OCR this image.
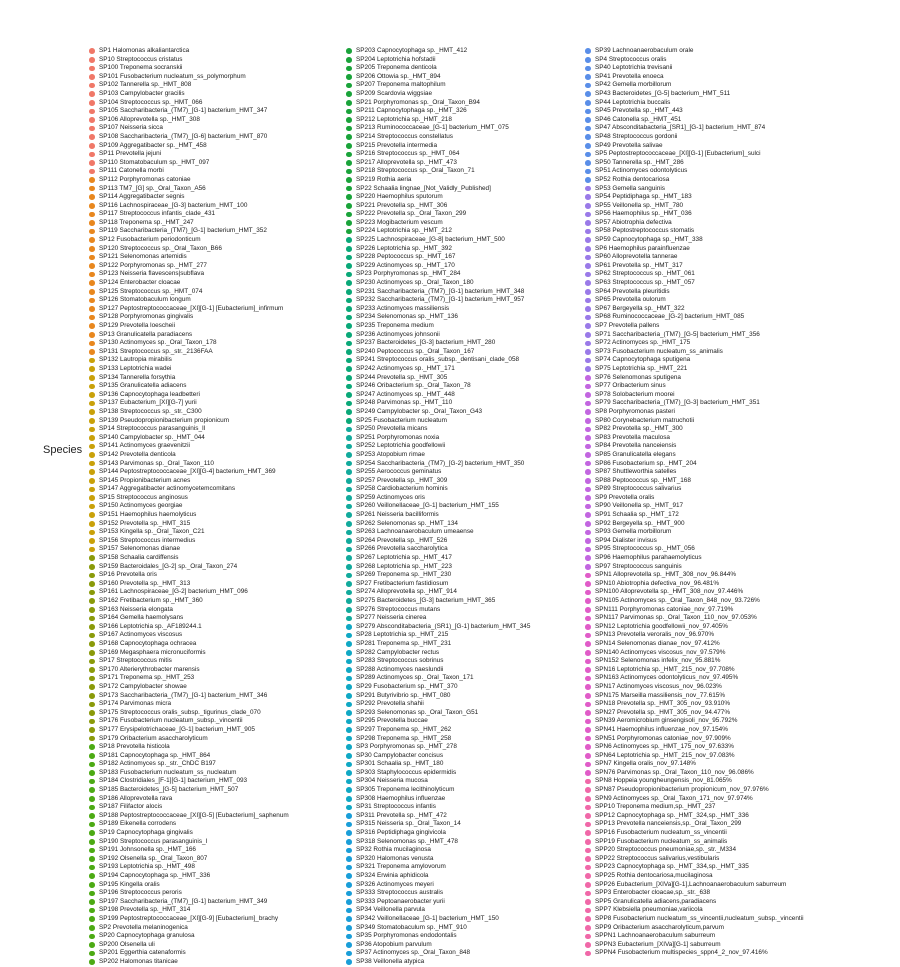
Species
SP1 Halomonas alkaliantarctica
SP10 Streptococcus cristatus
SP100 Treponema socranskii
SP101 Fusobacterium nucleatum_ss_polymorphum
SP102 Tannerella sp._HMT_808
SP103 Campylobacter gracilis
SP104 Streptococcus sp._HMT_066
SP105 Saccharibacteria_(TM7)_[G-1] bacterium_HMT_347
SP106 Alloprevotella sp._HMT_308
SP107 Neisseria sicca
SP108 Saccharibacteria_(TM7)_[G-6] bacterium_HMT_870
SP109 Aggregatibacter sp._HMT_458
SP11 Prevotella jejuni
SP110 Stomatobaculum sp._HMT_097
SP111 Catonella morbi
SP112 Porphyromonas catoniae
SP113 TM7_[G] sp._Oral_Taxon_A56
SP114 Aggregatibacter segnis
SP116 Lachnospiraceae_[G-3] bacterium_HMT_100
SP117 Streptococcus infantis_clade_431
SP118 Treponema sp._HMT_247
SP119 Saccharibacteria_(TM7)_[G-1] bacterium_HMT_352
SP12 Fusobacterium periodonticum
SP120 Streptococcus sp._Oral_Taxon_B66
SP121 Selenomonas artemidis
SP122 Porphyromonas sp._HMT_277
SP123 Neisseria flavescens|subflava
SP124 Enterobacter cloacae
SP125 Streptococcus sp._HMT_074
SP126 Stomatobaculum longum
SP127 Peptostreptococcaceae_[XI][G-1] [Eubacterium]_infirmum
SP128 Porphyromonas gingivalis
SP129 Prevotella loescheii
SP13 Granulicatella paradiacens
SP130 Actinomyces sp._Oral_Taxon_178
SP131 Streptococcus sp._str._2136FAA
SP132 Lautropia mirabilis
SP133 Leptotrichia wadei
SP134 Tannerella forsythia
SP135 Granulicatella adiacens
SP136 Capnocytophaga leadbetteri
SP137 Eubacterium_[XI][G-7] yurii
SP138 Streptococcus sp._str._C300
SP139 Pseudopropionibacterium propionicum
SP14 Streptococcus parasanguinis_II
SP140 Campylobacter sp._HMT_044
SP141 Actinomyces graevenitzii
SP142 Prevotella denticola
SP143 Parvimonas sp._Oral_Taxon_110
SP144 Peptostreptococcaceae_[XI][G-4] bacterium_HMT_369
SP145 Propionibacterium acnes
SP147 Aggregatibacter actinomycetemcomitans
SP15 Streptococcus anginosus
SP150 Actinomyces georgiae
SP151 Haemophilus haemolyticus
SP152 Prevotella sp._HMT_315
SP153 Kingella sp._Oral_Taxon_C21
SP156 Streptococcus intermedius
SP157 Selenomonas dianae
SP158 Schaalia cardiffensis
SP159 Bacteroidales_[G-2] sp._Oral_Taxon_274
SP16 Prevotella oris
SP160 Prevotella sp._HMT_313
SP161 Lachnospiraceae_[G-2] bacterium_HMT_096
SP162 Fretibacterium sp._HMT_360
SP163 Neisseria elongata
SP164 Gemella haemolysans
SP166 Leptotrichia sp._AF189244.1
SP167 Actinomyces viscosus
SP168 Capnocytophaga ochracea
SP169 Megasphaera micronuciformis
SP17 Streptococcus mitis
SP170 Alterierythrobacter marensis
SP171 Treponema sp._HMT_253
SP172 Campylobacter showae
SP173 Saccharibacteria_(TM7)_[G-1] bacterium_HMT_346
SP174 Parvimonas micra
SP175 Streptococcus oralis_subsp._tigurinus_clade_070
SP176 Fusobacterium nucleatum_subsp._vincentii
SP177 Erysipelotrichaceae_[G-1] bacterium_HMT_905
SP179 Oribacterium asaccharolyticum
SP18 Prevotella histicola
SP181 Capnocytophaga sp._HMT_864
SP182 Actinomyces sp._str._ChDC B197
SP183 Fusobacterium nucleatum_ss_nucleatum
SP184 Clostridiales_[F-1][G-1] bacterium_HMT_093
SP185 Bacteroidetes_[G-5] bacterium_HMT_507
SP186 Alloprevotella rava
SP187 Filifactor alocis
SP188 Peptostreptococcaceae_[XI][G-5] [Eubacterium]_saphenum
SP189 Eikenella corrodens
SP19 Capnocytophaga gingivalis
SP190 Streptococcus parasanguinis_I
SP191 Johnsonella sp._HMT_166
SP192 Olsenella sp._Oral_Taxon_807
SP193 Leptotrichia sp._HMT_498
SP194 Capnocytophaga sp._HMT_336
SP195 Kingella oralis
SP196 Streptococcus peroris
SP197 Saccharibacteria_(TM7)_[G-1] bacterium_HMT_349
SP198 Prevotella sp._HMT_314
SP199 Peptostreptococcaceae_[XI][G-9] [Eubacterium]_brachy
SP2 Prevotella melaninogenica
SP20 Capnocytophaga granulosa
SP200 Olsenella uli
SP201 Eggerthia catenaformis
SP202 Halomonas titanicae
SP203 Capnocytophaga sp._HMT_412
SP204 Leptotrichia hofstadii
SP205 Treponema denticola
SP206 Ottowia sp._HMT_894
SP207 Treponema maltophilum
SP209 Scardovia wiggsiae
SP21 Porphyromonas sp._Oral_Taxon_B94
SP211 Capnocytophaga sp._HMT_326
SP212 Leptotrichia sp._HMT_218
SP213 Ruminococcaceae_[G-1] bacterium_HMT_075
SP214 Streptococcus constellatus
SP215 Prevotella intermedia
SP216 Streptococcus sp._HMT_064
SP217 Alloprevotella sp._HMT_473
SP218 Streptococcus sp._Oral_Taxon_71
SP219 Rothia aeria
SP22 Schaalia lingnae_[Not_Validly_Published]
SP220 Haemophilus sputorum
SP221 Prevotella sp._HMT_306
SP222 Prevotella sp._Oral_Taxon_299
SP223 Mogibacterium vescum
SP224 Leptotrichia sp._HMT_212
SP225 Lachnospiraceae_[G-8] bacterium_HMT_500
SP226 Leptotrichia sp._HMT_392
SP228 Peptococcus sp._HMT_167
SP229 Actinomyces sp._HMT_170
SP23 Porphyromonas sp._HMT_284
SP230 Actinomyces sp._Oral_Taxon_180
SP231 Saccharibacteria_(TM7)_[G-1] bacterium_HMT_348
SP232 Saccharibacteria_(TM7)_[G-1] bacterium_HMT_957
SP233 Actinomyces massiliensis
SP234 Selenomonas sp._HMT_136
SP235 Treponema medium
SP236 Actinomyces johnsonii
SP237 Bacteroidetes_[G-3] bacterium_HMT_280
SP240 Peptococcus sp._Oral_Taxon_167
SP241 Streptococcus oralis_subsp._dentisani_clade_058
SP242 Actinomyces sp._HMT_171
SP244 Prevotella sp._HMT_305
SP246 Oribacterium sp._Oral_Taxon_78
SP247 Actinomyces sp._HMT_448
SP248 Parvimonas sp._HMT_110
SP249 Campylobacter sp._Oral_Taxon_G43
SP25 Fusobacterium nucleatum
SP250 Prevotella micans
SP251 Porphyromonas noxia
SP252 Leptotrichia goodfellowii
SP253 Atopobium rimae
SP254 Saccharibacteria_(TM7)_[G-2] bacterium_HMT_350
SP255 Aerococcus geminatus
SP257 Prevotella sp._HMT_309
SP258 Cardiobacterium hominis
SP259 Actinomyces oris
SP260 Veillonellaceae_[G-1] bacterium_HMT_155
SP261 Neisseria bacilliformis
SP262 Selenomonas sp._HMT_134
SP263 Lachnoanaerobaculum umeaense
SP264 Prevotella sp._HMT_526
SP266 Prevotella saccharolytica
SP267 Leptotrichia sp._HMT_417
SP268 Leptotrichia sp._HMT_223
SP269 Treponema sp._HMT_230
SP27 Fretibacterium fastidiosum
SP274 Alloprevotella sp._HMT_914
SP275 Bacteroidetes_[G-3] bacterium_HMT_365
SP276 Streptococcus mutans
SP277 Neisseria cinerea
SP279 Absconditabacteria_(SR1)_[G-1] bacterium_HMT_345
SP28 Leptotrichia sp._HMT_215
SP281 Treponema sp._HMT_231
SP282 Campylobacter rectus
SP283 Streptococcus sobrinus
SP288 Actinomyces naeslundii
SP289 Actinomyces sp._Oral_Taxon_171
SP29 Fusobacterium sp._HMT_370
SP291 Butyrivibrio sp._HMT_080
SP292 Prevotella shahii
SP293 Selenomonas sp._Oral_Taxon_G51
SP295 Prevotella buccae
SP297 Treponema sp._HMT_262
SP298 Treponema sp._HMT_258
SP3 Porphyromonas sp._HMT_278
SP30 Campylobacter concisus
SP301 Schaalia sp._HMT_180
SP303 Staphylococcus epidermidis
SP304 Neisseria mucosa
SP305 Treponema lecithinolyticum
SP308 Haemophilus influenzae
SP31 Streptococcus infantis
SP311 Prevotella sp._HMT_472
SP315 Neisseria sp._Oral_Taxon_14
SP316 Peptidiphaga gingivicola
SP318 Selenomonas sp._HMT_478
SP32 Rothia mucilaginosa
SP320 Halomonas venusta
SP321 Treponema amylovorum
SP324 Erwinia aphidicola
SP326 Actinomyces meyeri
SP333 Streptococcus australis
SP333 Peptoanaerobacter yurii
SP34 Veillonella parvula
SP342 Veillonellaceae_[G-1] bacterium_HMT_150
SP349 Stomatobaculum sp._HMT_910
SP35 Porphyromonas endodontalis
SP36 Atopobium parvulum
SP37 Actinomyces sp._Oral_Taxon_848
SP38 Veillonella atypica
SP39 Lachnoanaerobaculum orale
SP4 Streptococcus oralis
SP40 Leptotrichia trevisanii
SP41 Prevotella enoeca
SP42 Gemella morbillorum
SP43 Bacteroidetes_[G-5] bacterium_HMT_511
SP44 Leptotrichia buccalis
SP45 Prevotella sp._HMT_443
SP46 Catonella sp._HMT_451
SP47 Absconditabacteria_[SR1]_[G-1] bacterium_HMT_874
SP48 Streptococcus gordonii
SP49 Prevotella salivae
SP5 Peptostreptococcaceae_[XI][G-1] [Eubacterium]_sulci
SP50 Tannerella sp._HMT_286
SP51 Actinomyces odontolyticus
SP52 Rothia dentocariosa
SP53 Gemella sanguinis
SP54 Peptidiphaga sp._HMT_183
SP55 Veillonella sp._HMT_780
SP56 Haemophilus sp._HMT_036
SP57 Abiotrophia defectiva
SP58 Peptostreptococcus stomatis
SP59 Capnocytophaga sp._HMT_338
SP6 Haemophilus parainfluenzae
SP60 Alloprevotella tannerae
SP61 Prevotella sp._HMT_317
SP62 Streptococcus sp._HMT_061
SP63 Streptococcus sp._HMT_057
SP64 Prevotella pleuritidis
SP65 Prevotella oulorum
SP67 Bergeyella sp._HMT_322
SP68 Ruminococcaceae_[G-2] bacterium_HMT_085
SP7 Prevotella pallens
SP71 Saccharibacteria_(TM7)_[G-5] bacterium_HMT_356
SP72 Actinomyces sp._HMT_175
SP73 Fusobacterium nucleatum_ss_animalis
SP74 Capnocytophaga sputigena
SP75 Leptotrichia sp._HMT_221
SP76 Selenomonas sputigena
SP77 Oribacterium sinus
SP78 Solobacterium moorei
SP79 Saccharibacteria_(TM7)_[G-3] bacterium_HMT_351
SP8 Porphyromonas pasteri
SP80 Corynebacterium matruchotii
SP82 Prevotella sp._HMT_300
SP83 Prevotella maculosa
SP84 Prevotella nanceiensis
SP85 Granulicatella elegans
SP86 Fusobacterium sp._HMT_204
SP87 Shuttleworthia satelles
SP88 Peptococcus sp._HMT_168
SP89 Streptococcus salivarius
SP9 Prevotella oralis
SP90 Veillonella sp._HMT_917
SP91 Schaalia sp._HMT_172
SP92 Bergeyella sp._HMT_900
SP93 Gemella morbillorum
SP94 Dialister invisus
SP95 Streptococcus sp._HMT_056
SP96 Haemophilus parahaemolyticus
SP97 Streptococcus sanguinis
SPN1 Alloprevotella sp._HMT_308_nov_96.844%
SPN10 Abiotrophia defectiva_nov_96.481%
SPN100 Alloprevotella sp._HMT_308_nov_97.446%
SPN105 Actinomyces sp._Oral_Taxon_848_nov_93.726%
SPN111 Porphyromonas catoniae_nov_97.719%
SPN117 Parvimonas sp._Oral_Taxon_110_nov_97.053%
SPN12 Leptotrichia goodfellowii_nov_97.405%
SPN13 Prevotella veroralis_nov_96.970%
SPN14 Selenomonas dianae_nov_97.412%
SPN140 Actinomyces viscosus_nov_97.579%
SPN152 Selenomonas infelix_nov_95.881%
SPN16 Leptotrichia sp._HMT_215_nov_97.708%
SPN163 Actinomyces odontolyticus_nov_97.495%
SPN17 Actinomyces viscosus_nov_96.023%
SPN175 Marseilla massiliensis_nov_77.615%
SPN18 Prevotella sp._HMT_305_nov_93.910%
SPN27 Prevotella sp._HMT_305_nov_94.477%
SPN39 Aeromicrobium ginsengisoli_nov_95.792%
SPN41 Haemophilus influenzae_nov_97.154%
SPN51 Porphyromonas catoniae_nov_97.909%
SPN6 Actinomyces sp._HMT_175_nov_97.633%
SPN64 Leptotrichia sp._HMT_215_nov_97.083%
SPN7 Kingella oralis_nov_97.148%
SPN76 Parvimonas sp._Oral_Taxon_110_nov_96.086%
SPN8 Hoppeia youngheungensis_nov_81.065%
SPN87 Pseudopropionibacterium propionicum_nov_97.976%
SPN9 Actinomyces sp._Oral_Taxon_171_nov_97.974%
SPP10 Treponema medium,sp._HMT_237
SPP12 Capnocytophaga sp._HMT_324,sp._HMT_336
SPP13 Prevotella nanceiensis,sp._Oral_Taxon_299
SPP16 Fusobacterium nucleatum_ss_vincentii
SPP19 Fusobacterium nucleatum_ss_animalis
SPP20 Streptococcus pneumoniae,sp._str._M334
SPP22 Streptococcus salivarius,vestibularis
SPP23 Capnocytophaga sp._HMT_334,sp._HMT_335
SPP25 Rothia dentocariosa,mucilaginosa
SPP26 Eubacterium_[XIVa][G-1],Lachnoanaerobaculum saburreum
SPP3 Enterobacter cloacae,sp._str._638
SPP5 Granulicatella adiacens,paradiacens
SPP7 Klebsiella pneumoniae,variicola
SPP8 Fusobacterium nucleatum_ss_vincentii,nucleatum_subsp._vincentii
SPP9 Oribacterium asaccharolyticum,parvum
SPPN1 Lachnoanaerobaculum saburreum
SPPN3 Eubacterium_[XIVa][G-1] saburreum
SPPN4 Fusobacterium multispecies_sppn4_2_nov_97.416%
